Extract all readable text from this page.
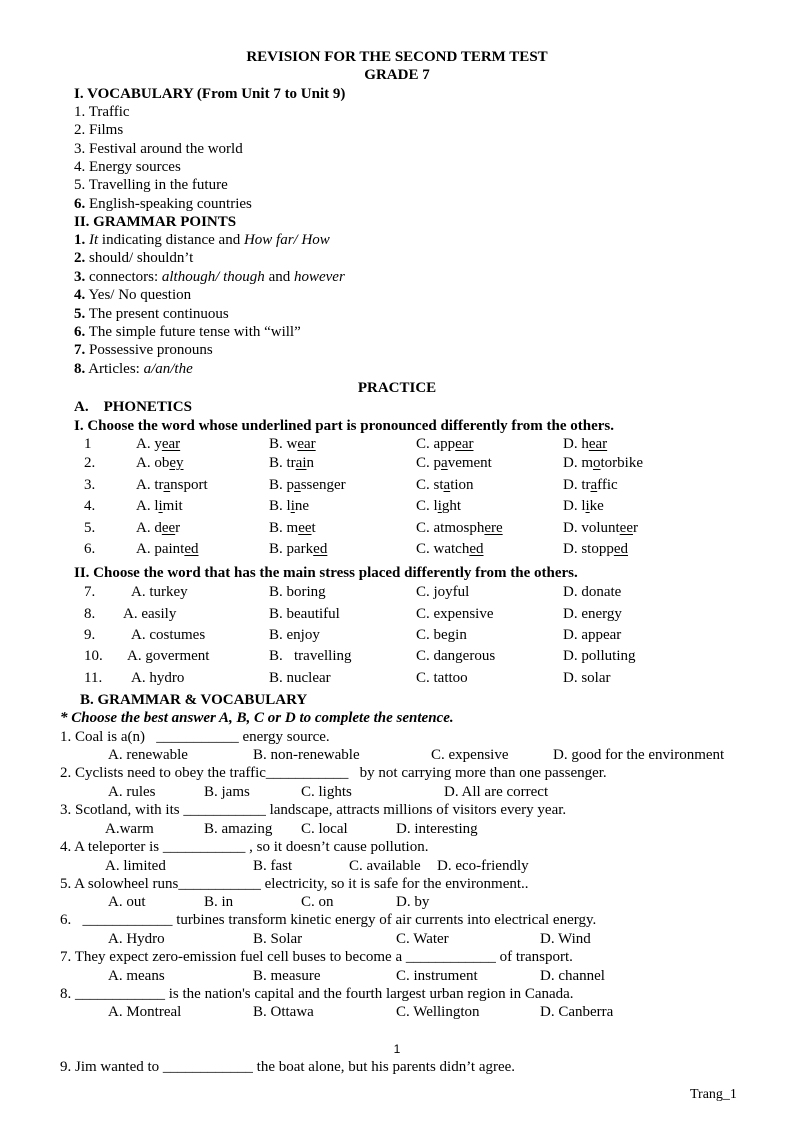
REVISION FOR THE SECOND TERM TEST
GRADE 7
I. VOCABULARY (From Unit 7 to Unit 9)
1. Traffic
2. Films
3. Festival around the world
4. Energy sources
5. Travelling in the future
6. English-speaking countries
II. GRAMMAR POINTS
1. It indicating distance and How far/ How
2. should/ shouldn’t
3. connectors: although/ though and however
4. Yes/ No question
5. The present continuous
6. The simple future tense with “will”
7. Possessive pronouns
8. Articles: a/an/the
PRACTICE
A.    PHONETICS
I. Choose the word whose underlined part is pronounced differently from the others.
1	A. year	B. wear	C. appear	D. hear
2.	A. obey	B. train	C. pavement	D. motorbike
3.	A. transport	B. passenger	C. station	D. traffic
4.	A. limit	B. line	C. light	D. like
5.	A. deer	B. meet	C. atmosphere	D. volunteer
6.	A. painted	B. parked	C. watched	D. stopped
II. Choose the word that has the main stress placed differently from the others.
7. A. turkey	B. boring	C. joyful	D. donate
8. A. easily	B. beautiful	C. expensive	D. energy
9. A. costumes	B. enjoy	C. begin	D. appear
10. A. goverment	B.   travelling	C. dangerous	D. polluting
11. A. hydro	B. nuclear	C. tattoo	D. solar
B. GRAMMAR & VOCABULARY
* Choose the best answer A, B, C or D to complete the sentence.
1. Coal is a(n)   ___________ energy source.
A. renewable	B. non-renewable	C. expensive	D. good for the environment
2. Cyclists need to obey the traffic___________   by not carrying more than one passenger.
A. rules	B. jams	C. lights	D. All are correct
3. Scotland, with its ___________ landscape, attracts millions of visitors every year.
A.warm	B. amazing C. local	D. interesting
4. A teleporter is ___________ , so it doesn’t cause pollution.
A. limited	B. fast	C. available D. eco-friendly
5. A solowheel runs___________ electricity, so it is safe for the environment..
A. out	B. in	C. on	D. by
6.   ____________ turbines transform kinetic energy of air currents into electrical energy.
A. Hydro	B. Solar	C. Water	D. Wind
7. They expect zero-emission fuel cell buses to become a ____________ of transport.
A. means	B. measure	C. instrument	D. channel
8. ____________ is the nation's capital and the fourth largest urban region in Canada.
A. Montreal	B. Ottawa	C. Wellington	D. Canberra
1
9. Jim wanted to ____________ the boat alone, but his parents didn’t agree.
Trang_1
